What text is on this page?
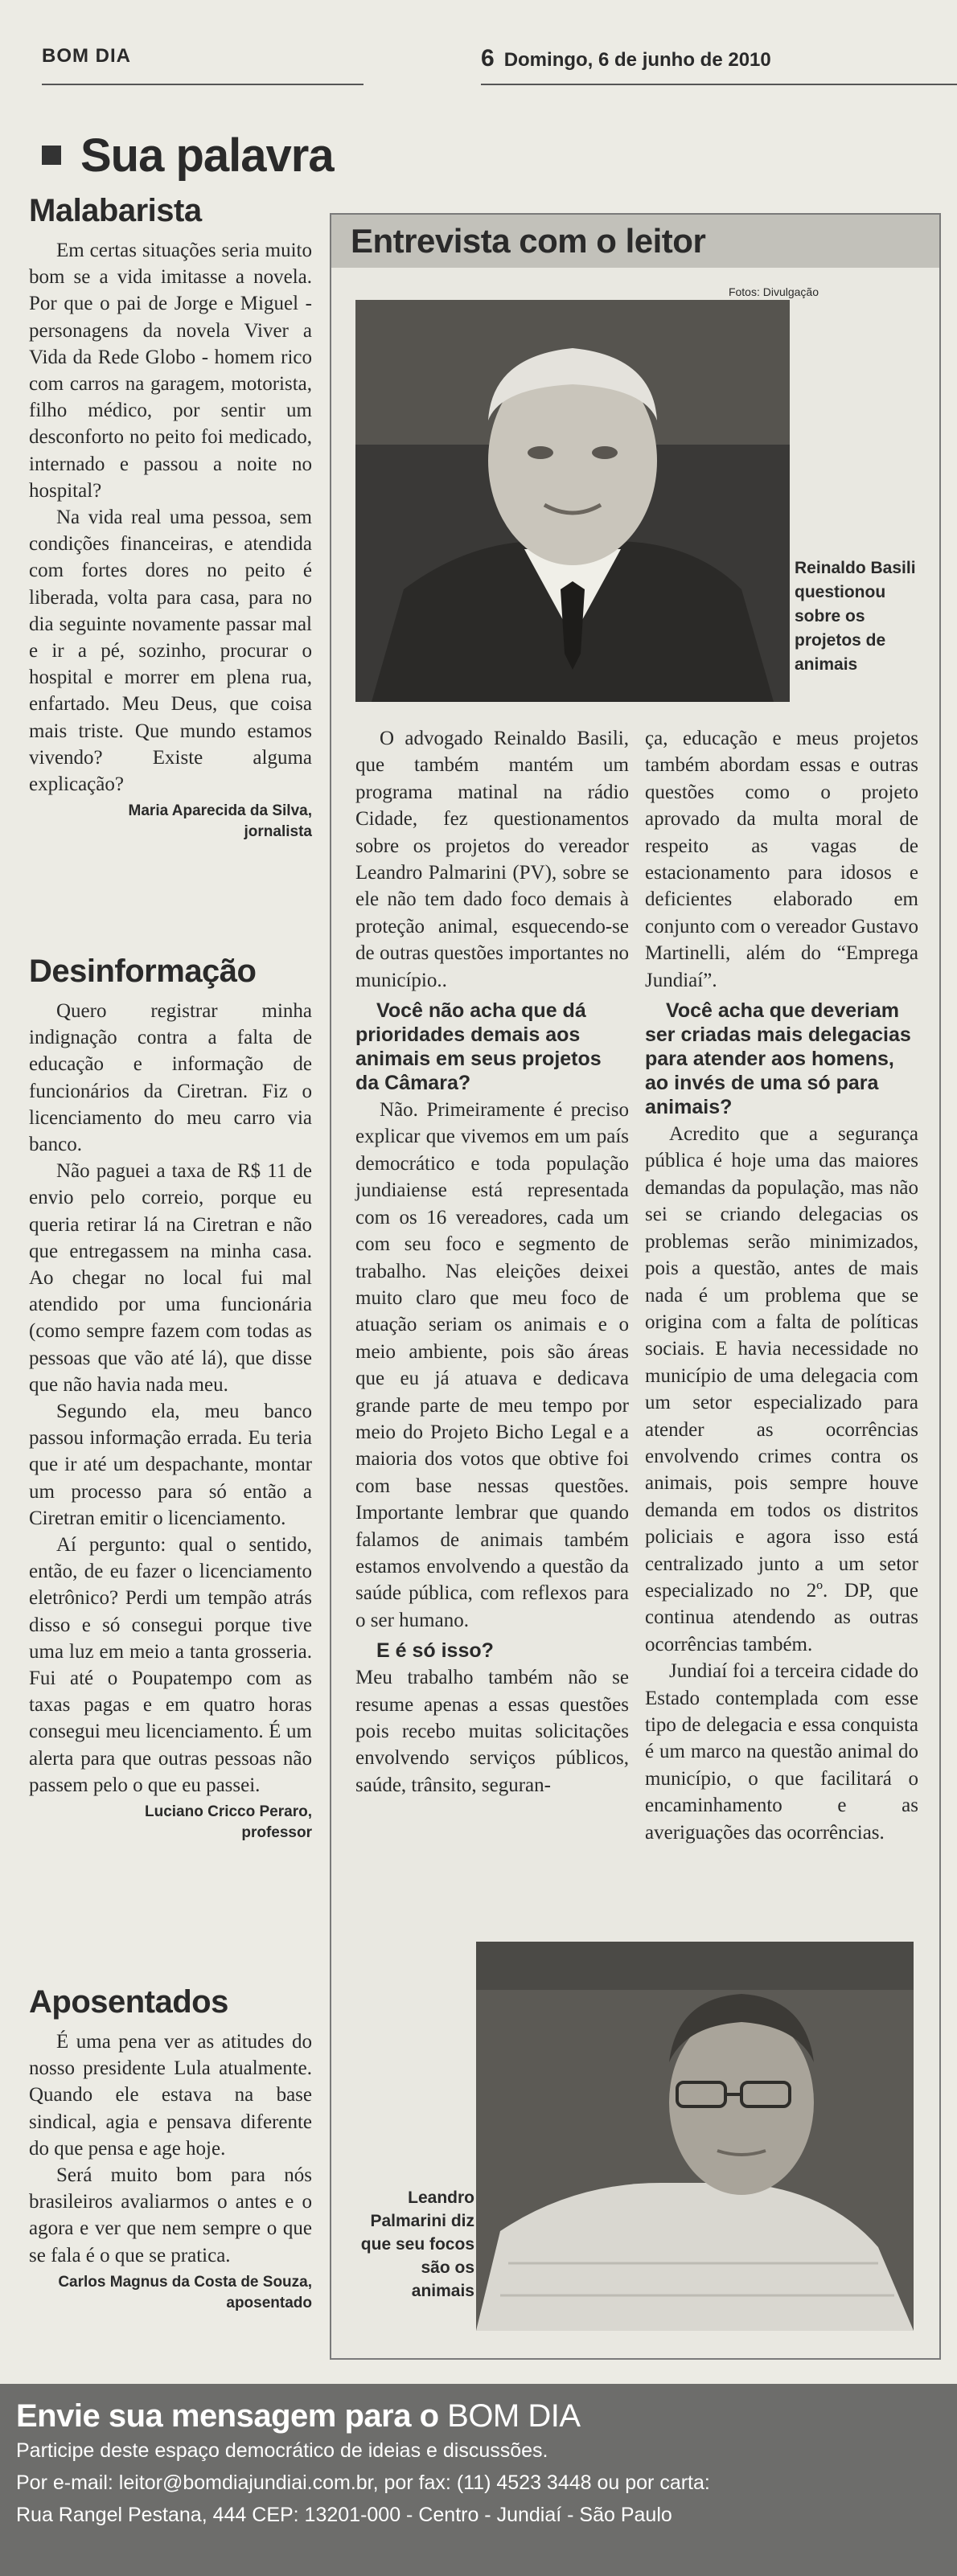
BOM DIA	6 Domingo, 6 de junho de 2010
Sua palavra
Malabarista

Em certas situações seria muito bom se a vida imitasse a novela. Por que o pai de Jorge e Miguel - personagens da novela Viver a Vida da Rede Globo - homem rico com carros na garagem, motorista, filho médico, por sentir um desconforto no peito foi medicado, internado e passou a noite no hospital?

Na vida real uma pessoa, sem condições financeiras, e atendida com fortes dores no peito é liberada, volta para casa, para no dia seguinte novamente passar mal e ir a pé, sozinho, procurar o hospital e morrer em plena rua, enfartado. Meu Deus, que coisa mais triste. Que mundo estamos vivendo? Existe alguma explicação?

Maria Aparecida da Silva,
jornalista
Desinformação

Quero registrar minha indignação contra a falta de educação e informação de funcionários da Ciretran. Fiz o licenciamento do meu carro via banco.

Não paguei a taxa de R$ 11 de envio pelo correio, porque eu queria retirar lá na Ciretran e não que entregassem na minha casa. Ao chegar no local fui mal atendido por uma funcionária (como sempre fazem com todas as pessoas que vão até lá), que disse que não havia nada meu.

Segundo ela, meu banco passou informação errada. Eu teria que ir até um despachante, montar um processo para só então a Ciretran emitir o licenciamento.

Aí pergunto: qual o sentido, então, de eu fazer o licenciamento eletrônico? Perdi um tempão atrás disso e só consegui porque tive uma luz em meio a tanta grosseria. Fui até o Poupatempo com as taxas pagas e em quatro horas consegui meu licenciamento. É um alerta para que outras pessoas não passem pelo o que eu passei.

Luciano Cricco Peraro,
professor
Aposentados

É uma pena ver as atitudes do nosso presidente Lula atualmente. Quando ele estava na base sindical, agia e pensava diferente do que pensa e age hoje.

Será muito bom para nós brasileiros avaliarmos o antes e o agora e ver que nem sempre o que se fala é o que se pratica.

Carlos Magnus da Costa de Souza,
aposentado
Entrevista com o leitor
Fotos: Divulgação
Reinaldo Basili questionou sobre os projetos de animais

O advogado Reinaldo Basili, que também mantém um programa matinal na rádio Cidade, fez questionamentos sobre os projetos do vereador Leandro Palmarini (PV), sobre se ele não tem dado foco demais à proteção animal, esquecendo-se de outras questões importantes no município..

Você não acha que dá prioridades demais aos animais em seus projetos da Câmara?

Não. Primeiramente é preciso explicar que vivemos em um país democrático e toda população jundiaiense está representada com os 16 vereadores, cada um com seu foco e segmento de trabalho. Nas eleições deixei muito claro que meu foco de atuação seriam os animais e o meio ambiente, pois são áreas que eu já atuava e dedicava grande parte de meu tempo por meio do Projeto Bicho Legal e a maioria dos votos que obtive foi com base nessas questões. Importante lembrar que quando falamos de animais também estamos envolvendo a questão da saúde pública, com reflexos para o ser humano.

E é só isso?

Meu trabalho também não se resume apenas a essas questões pois recebo muitas solicitações envolvendo serviços públicos, saúde, trânsito, seguran-

ça, educação e meus projetos também abordam essas e outras questões como o projeto aprovado da multa moral de respeito as vagas de estacionamento para idosos e deficientes elaborado em conjunto com o vereador Gustavo Martinelli, além do “Emprega Jundiaí”.

Você acha que deveriam ser criadas mais delegacias para atender aos homens, ao invés de uma só para animais?

Acredito que a segurança pública é hoje uma das maiores demandas da população, mas não sei se criando delegacias os problemas serão minimizados, pois a questão, antes de mais nada é um problema que se origina com a falta de políticas sociais. E havia necessidade no município de uma delegacia com um setor especializado para atender as ocorrências envolvendo crimes contra os animais, pois sempre houve demanda em todos os distritos policiais e agora isso está centralizado junto a um setor especializado no 2º. DP, que continua atendendo as outras ocorrências também.

Jundiaí foi a terceira cidade do Estado contemplada com esse tipo de delegacia e essa conquista é um marco na questão animal do município, o que facilitará o encaminhamento e as averiguações das ocorrências.

Leandro Palmarini diz que seu focos são os animais
Envie sua mensagem para o BOM DIA
Participe deste espaço democrático de ideias e discussões.
Por e-mail: leitor@bomdiajundiai.com.br, por fax: (11) 4523 3448 ou por carta:
Rua Rangel Pestana, 444 CEP: 13201-000 - Centro - Jundiaí - São Paulo
